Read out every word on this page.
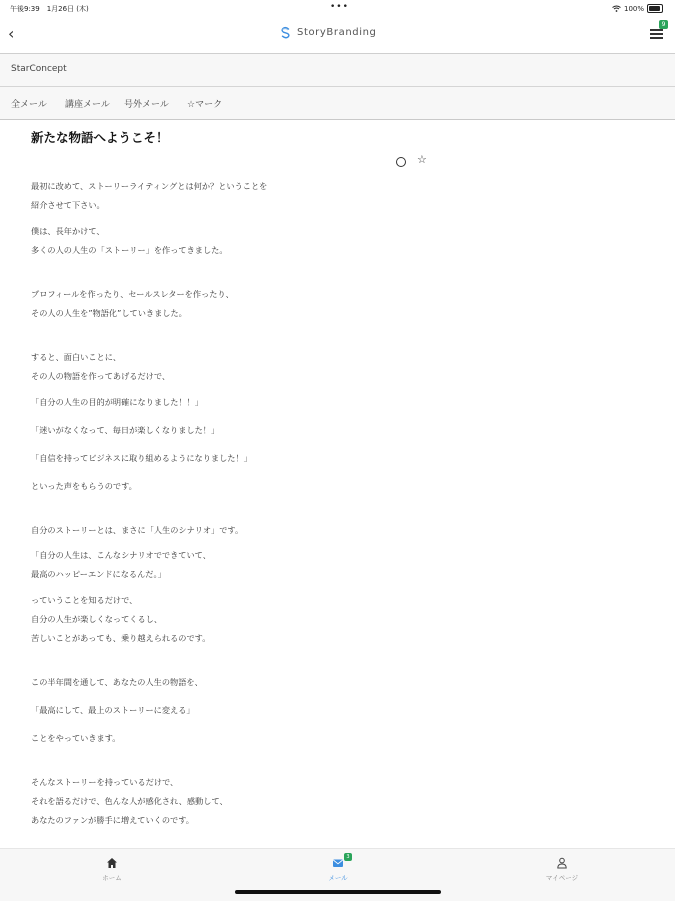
午後9:39　1月26日 (木)	•••	100%
‹	StoryBranding
9
StarConcept
全メール 講座メール 号外メール ☆マーク
新たな物語へようこそ！
☆

最初に改めて、ストーリーライティングとは何か？ということを
紹介させて下さい。

僕は、長年かけて、
多くの人の人生の「ストーリー」を作ってきました。

プロフィールを作ったり、セールスレターを作ったり、
その人の人生を”物語化”していきました。

すると、面白いことに、
その人の物語を作ってあげるだけで、

「自分の人生の目的が明確になりました！！」

「迷いがなくなって、毎日が楽しくなりました！」

「自信を持ってビジネスに取り組めるようになりました！」

といった声をもらうのです。

自分のストーリーとは、まさに「人生のシナリオ」です。

「自分の人生は、こんなシナリオでできていて、
最高のハッピーエンドになるんだ。」

っていうことを知るだけで、
自分の人生が楽しくなってくるし、
苦しいことがあっても、乗り越えられるのです。

この半年間を通して、あなたの人生の物語を、

「最高にして、最上のストーリーに変える」

ことをやっていきます。

そんなストーリーを持っているだけで、
それを語るだけで、色んな人が感化され、感動して、
あなたのファンが勝手に増えていくのです。

ホーム
3
メール	マイページ
